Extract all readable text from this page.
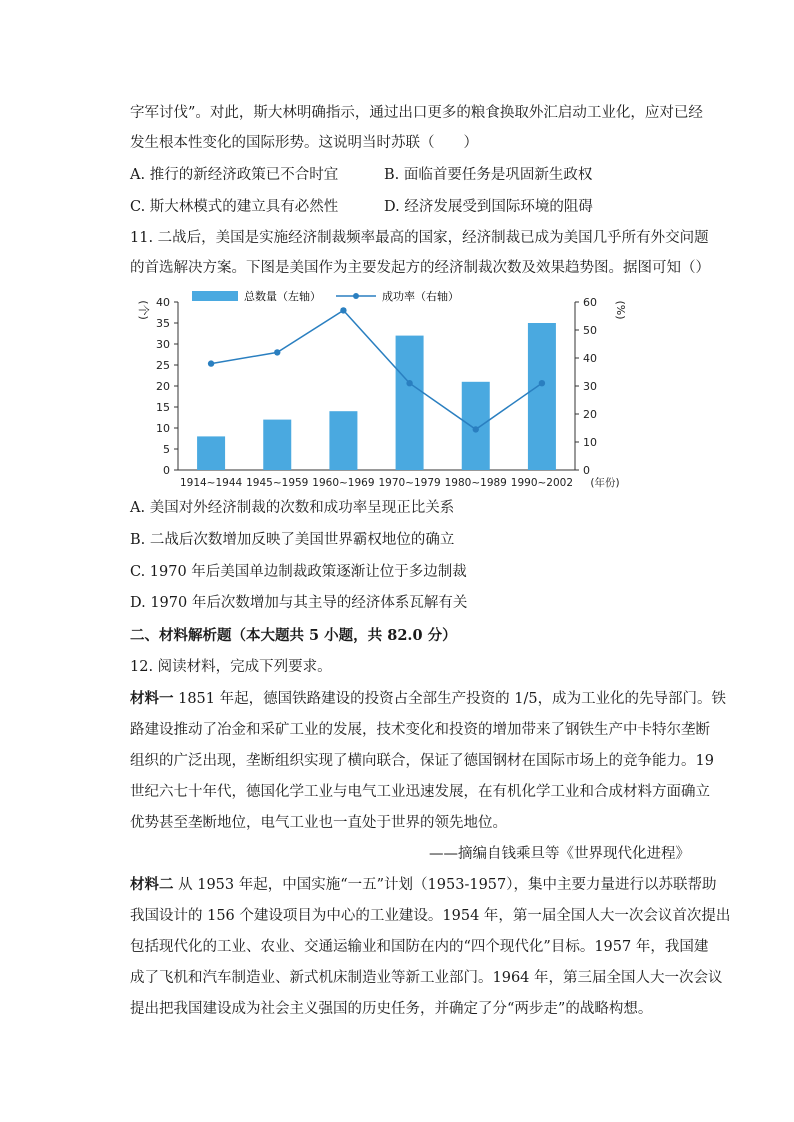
字军讨伐”。对此，斯大林明确指示，通过出口更多的粮食换取外汇启动工业化，应对已经
发生根本性变化的国际形势。这说明当时苏联（　　）
A. 推行的新经济政策已不合时宜	B. 面临首要任务是巩固新生政权
C. 斯大林模式的建立具有必然性	D. 经济发展受到国际环境的阻碍
11. 二战后，美国是实施经济制裁频率最高的国家，经济制裁已成为美国几乎所有外交问题
的首选解决方案。下图是美国作为主要发起方的经济制裁次数及效果趋势图。据图可知（）
总数量（左轴）	成功率（右轴）
0
5
10
15
20
25
30
35
40
0
10
20
30
40
50
60
(个)	(%)
1914~1944 1945~1959 1960~1969 1970~1979 1980~1989 1990~2002 (年份)
A. 美国对外经济制裁的次数和成功率呈现正比关系
B. 二战后次数增加反映了美国世界霸权地位的确立
C. 1970 年后美国单边制裁政策逐渐让位于多边制裁
D. 1970 年后次数增加与其主导的经济体系瓦解有关
二、材料解析题（本大题共 5 小题，共 82.0 分）
12. 阅读材料，完成下列要求。
材料一 1851 年起，德国铁路建设的投资占全部生产投资的 1/5，成为工业化的先导部门。铁
路建设推动了冶金和采矿工业的发展，技术变化和投资的增加带来了钢铁生产中卡特尔垄断
组织的广泛出现，垄断组织实现了横向联合，保证了德国钢材在国际市场上的竞争能力。19
世纪六七十年代，德国化学工业与电气工业迅速发展，在有机化学工业和合成材料方面确立
优势甚至垄断地位，电气工业也一直处于世界的领先地位。
——摘编自钱乘旦等《世界现代化进程》
材料二 从 1953 年起，中国实施“一五”计划（1953-1957），集中主要力量进行以苏联帮助
我国设计的 156 个建设项目为中心的工业建设。1954 年，第一届全国人大一次会议首次提出
包括现代化的工业、农业、交通运输业和国防在内的“四个现代化”目标。1957 年，我国建
成了飞机和汽车制造业、新式机床制造业等新工业部门。1964 年，第三届全国人大一次会议
提出把我国建设成为社会主义强国的历史任务，并确定了分“两步走”的战略构想。
